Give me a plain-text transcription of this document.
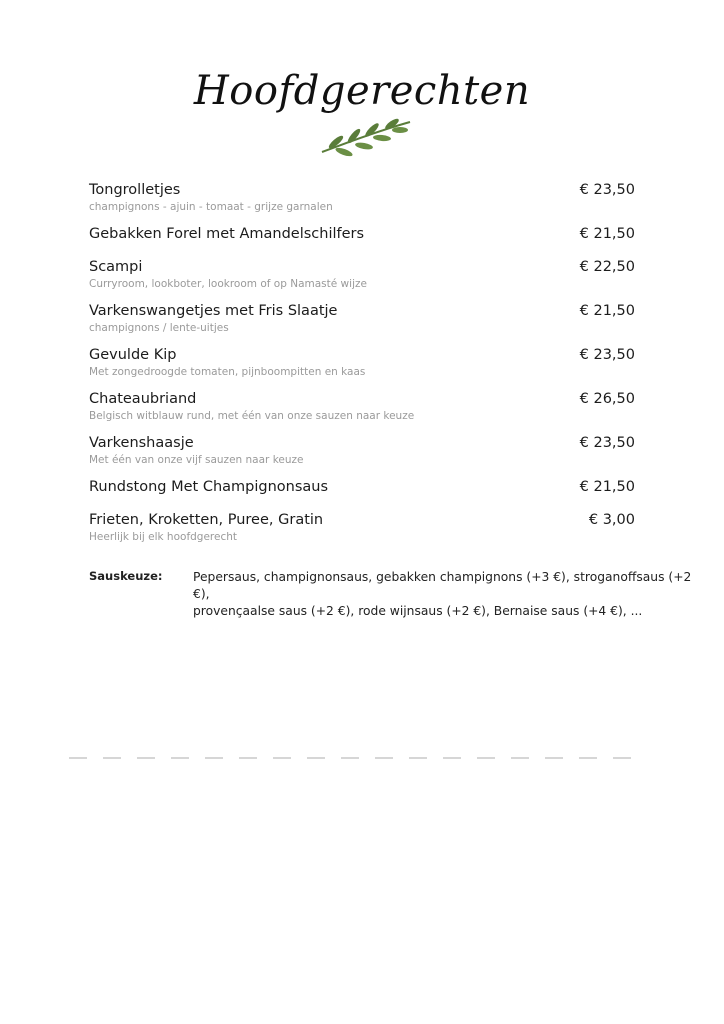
Hoofdgerechten
Tongrolletjes	€ 23,50
champignons - ajuin - tomaat - grijze garnalen
Gebakken Forel met Amandelschilfers	€ 21,50
Scampi	€ 22,50
Curryroom, lookboter, lookroom of op Namasté wijze
Varkenswangetjes met Fris Slaatje	€ 21,50
champignons / lente-uitjes
Gevulde Kip	€ 23,50
Met zongedroogde tomaten, pijnboompitten en kaas
Chateaubriand	€ 26,50
Belgisch witblauw rund, met één van onze sauzen naar keuze
Varkenshaasje	€ 23,50
Met één van onze vijf sauzen naar keuze
Rundstong Met Champignonsaus	€ 21,50
Frieten, Kroketten, Puree, Gratin	€ 3,00
Heerlijk bij elk hoofdgerecht
Sauskeuze:	Pepersaus, champignonsaus, gebakken champignons (+3 €), stroganoffsaus (+2 €),
provençaalse saus (+2 €), rode wijnsaus (+2 €), Bernaise saus (+4 €), ...
